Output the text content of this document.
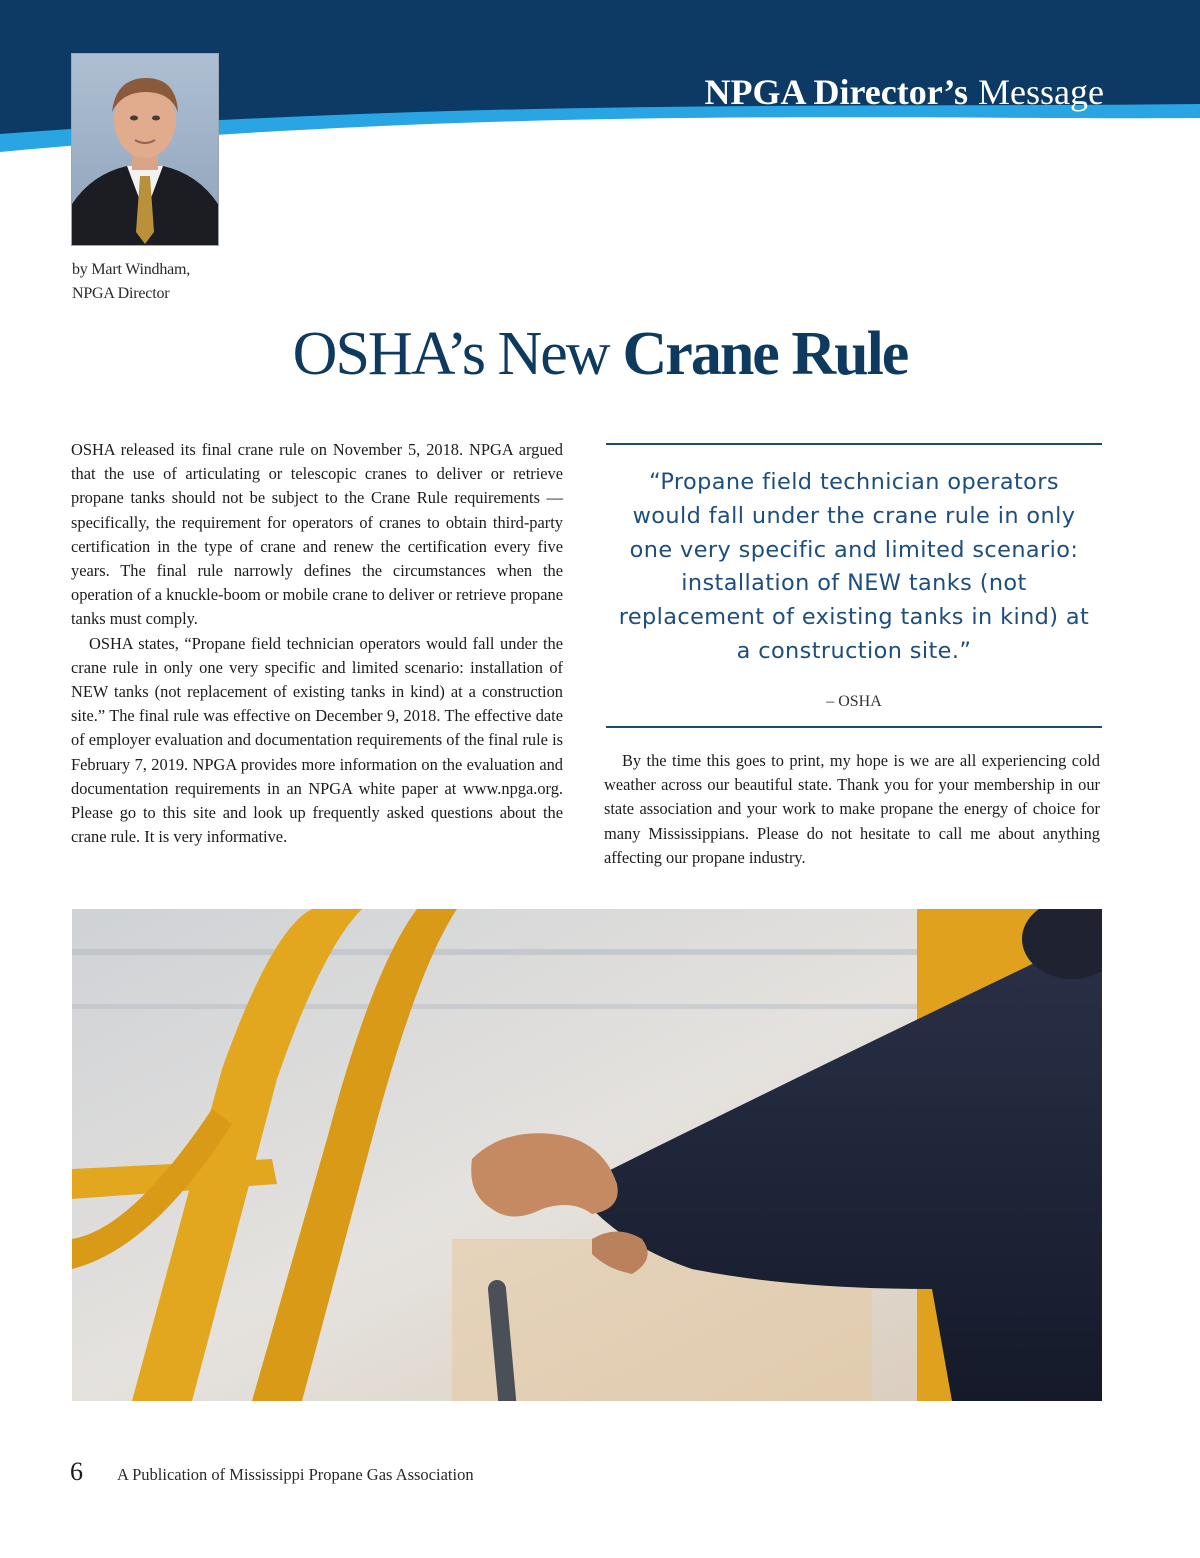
NPGA Director’s Message
by Mart Windham,
NPGA Director
OSHA’s New Crane Rule

OSHA released its final crane rule on November 5, 2018. NPGA argued that the use of articulating or telescopic cranes to deliver or retrieve propane tanks should not be subject to the Crane Rule requirements — specifically, the requirement for operators of cranes to obtain third-party certification in the type of crane and renew the certification every five years. The final rule narrowly defines the circumstances when the operation of a knuckle-boom or mobile crane to deliver or retrieve propane tanks must comply.

OSHA states, “Propane field technician operators would fall under the crane rule in only one very specific and limited scenario: installation of NEW tanks (not replacement of existing tanks in kind) at a construction site.” The final rule was effective on December 9, 2018. The effective date of employer evaluation and documentation requirements of the final rule is February 7, 2019. NPGA provides more information on the evaluation and documentation requirements in an NPGA white paper at www.npga.org. Please go to this site and look up frequently asked questions about the crane rule. It is very informative.

“Propane field technician operators would fall under the crane rule in only one very specific and limited scenario: installation of NEW tanks (not replacement of existing tanks in kind) at a construction site.”
– OSHA

By the time this goes to print, my hope is we are all experiencing cold weather across our beautiful state. Thank you for your membership in our state association and your work to make propane the energy of choice for many Mississippians. Please do not hesitate to call me about anything affecting our propane industry.

6 A Publication of Mississippi Propane Gas Association
